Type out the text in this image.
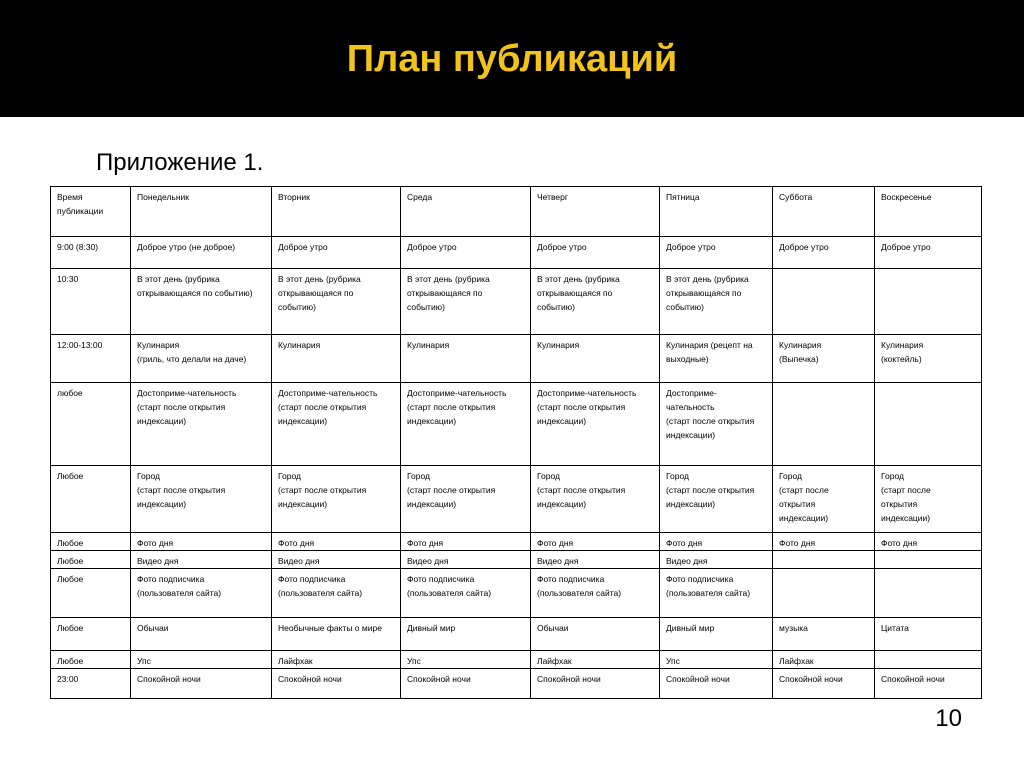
План публикаций
Приложение 1.
Время
публикации	Понедельник	Вторник	Среда	Четверг	Пятница	Суббота	Воскресенье
9:00 (8:30)	Доброе утро (не доброе)	Доброе утро	Доброе утро	Доброе утро	Доброе утро	Доброе утро	Доброе утро
10:30	В этот день (рубрика
открывающаяся по событию)	В этот день (рубрика
открывающаяся по
событию)	В этот день (рубрика
открывающаяся по
событию)	В этот день (рубрика
открывающаяся по
событию)	В этот день (рубрика
открывающаяся по
событию)		
12:00-13:00	Кулинария
(гриль, что делали на даче)	Кулинария	Кулинария	Кулинария	Кулинария (рецепт на
выходные)	Кулинария
(Выпечка)	Кулинария
(коктейль)
любое	Достоприме-чательность
(старт после открытия
индексации)	Достоприме-чательность
(старт после открытия
индексации)	Достоприме-чательность
(старт после открытия
индексации)	Достоприме-чательность
(старт после открытия
индексации)	Достоприме-
чательность
(старт после открытия
индексации)		
Любое	Город
(старт после открытия
индексации)	Город
(старт после открытия
индексации)	Город
(старт после открытия
индексации)	Город
(старт после открытия
индексации)	Город
(старт после открытия
индексации)	Город
(старт после
открытия
индексации)	Город
(старт после
открытия
индексации)
Любое	Фото дня	Фото дня	Фото дня	Фото дня	Фото дня	Фото дня	Фото дня
Любое	Видео дня	Видео дня	Видео дня	Видео дня	Видео дня		
Любое	Фото подписчика
(пользователя сайта)	Фото подписчика
(пользователя сайта)	Фото подписчика
(пользователя сайта)	Фото подписчика
(пользователя сайта)	Фото подписчика
(пользователя сайта)		
Любое	Обычаи	Необычные факты о мире	Дивный мир	Обычаи	Дивный мир	музыка	Цитата
Любое	Упс	Лайфхак	Упс	Лайфхак	Упс	Лайфхак	
23:00	Спокойной ночи	Спокойной ночи	Спокойной ночи	Спокойной ночи	Спокойной ночи	Спокойной ночи	Спокойной ночи
10
